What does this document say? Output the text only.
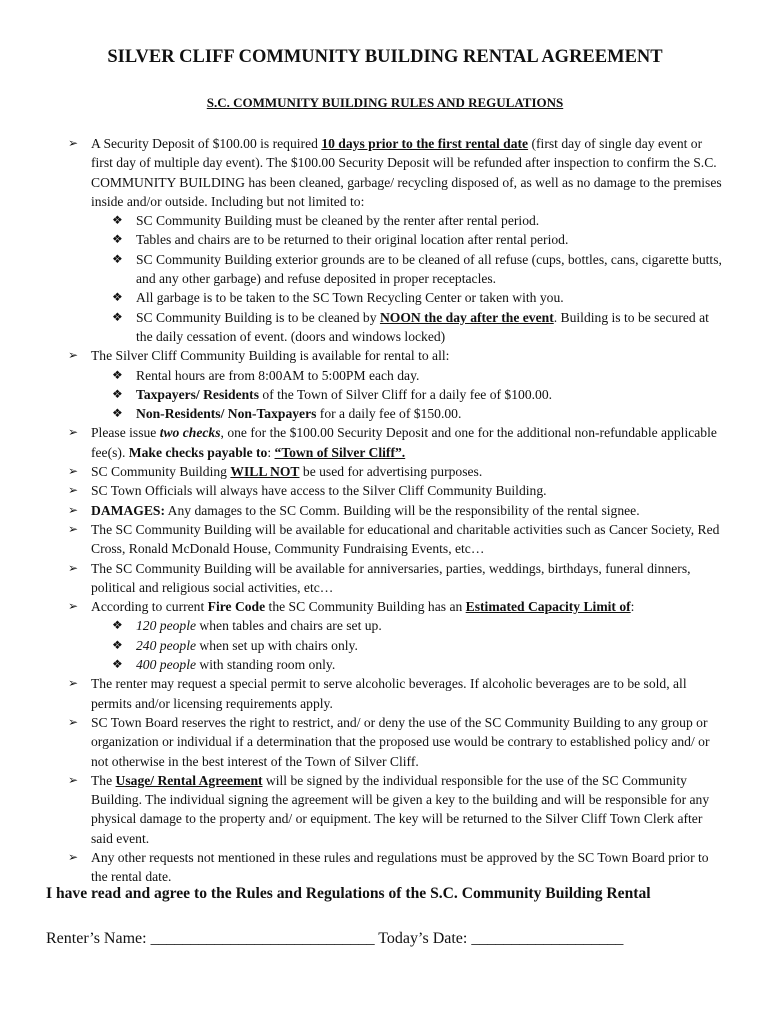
SILVER CLIFF COMMUNITY BUILDING RENTAL AGREEMENT
S.C. COMMUNITY BUILDING RULES AND REGULATIONS
➢ A Security Deposit of $100.00 is required 10 days prior to the first rental date (first day of single day event or first day of multiple day event). The $100.00 Security Deposit will be refunded after inspection to confirm the S.C. COMMUNITY BUILDING has been cleaned, garbage/ recycling disposed of, as well as no damage to the premises inside and/or outside. Including but not limited to:
❖ SC Community Building must be cleaned by the renter after rental period.
❖ Tables and chairs are to be returned to their original location after rental period.
❖ SC Community Building exterior grounds are to be cleaned of all refuse (cups, bottles, cans, cigarette butts, and any other garbage) and refuse deposited in proper receptacles.
❖ All garbage is to be taken to the SC Town Recycling Center or taken with you.
❖ SC Community Building is to be cleaned by NOON the day after the event. Building is to be secured at the daily cessation of event. (doors and windows locked)
➢ The Silver Cliff Community Building is available for rental to all:
❖ Rental hours are from 8:00AM to 5:00PM each day.
❖ Taxpayers/ Residents of the Town of Silver Cliff for a daily fee of $100.00.
❖ Non-Residents/ Non-Taxpayers for a daily fee of $150.00.
➢ Please issue two checks, one for the $100.00 Security Deposit and one for the additional non-refundable applicable fee(s). Make checks payable to: “Town of Silver Cliff”.
➢ SC Community Building WILL NOT be used for advertising purposes.
➢ SC Town Officials will always have access to the Silver Cliff Community Building.
➢ DAMAGES: Any damages to the SC Comm. Building will be the responsibility of the rental signee.
➢ The SC Community Building will be available for educational and charitable activities such as Cancer Society, Red Cross, Ronald McDonald House, Community Fundraising Events, etc…
➢ The SC Community Building will be available for anniversaries, parties, weddings, birthdays, funeral dinners, political and religious social activities, etc…
➢ According to current Fire Code the SC Community Building has an Estimated Capacity Limit of:
❖ 120 people when tables and chairs are set up.
❖ 240 people when set up with chairs only.
❖ 400 people with standing room only.
➢ The renter may request a special permit to serve alcoholic beverages. If alcoholic beverages are to be sold, all permits and/or licensing requirements apply.
➢ SC Town Board reserves the right to restrict, and/ or deny the use of the SC Community Building to any group or organization or individual if a determination that the proposed use would be contrary to established policy and/ or not otherwise in the best interest of the Town of Silver Cliff.
➢ The Usage/ Rental Agreement will be signed by the individual responsible for the use of the SC Community Building. The individual signing the agreement will be given a key to the building and will be responsible for any physical damage to the property and/ or equipment. The key will be returned to the Silver Cliff Town Clerk after said event.
➢ Any other requests not mentioned in these rules and regulations must be approved by the SC Town Board prior to the rental date.
I have read and agree to the Rules and Regulations of the S.C. Community Building Rental
Renter’s Name: ____________________________ Today’s Date: ___________________
